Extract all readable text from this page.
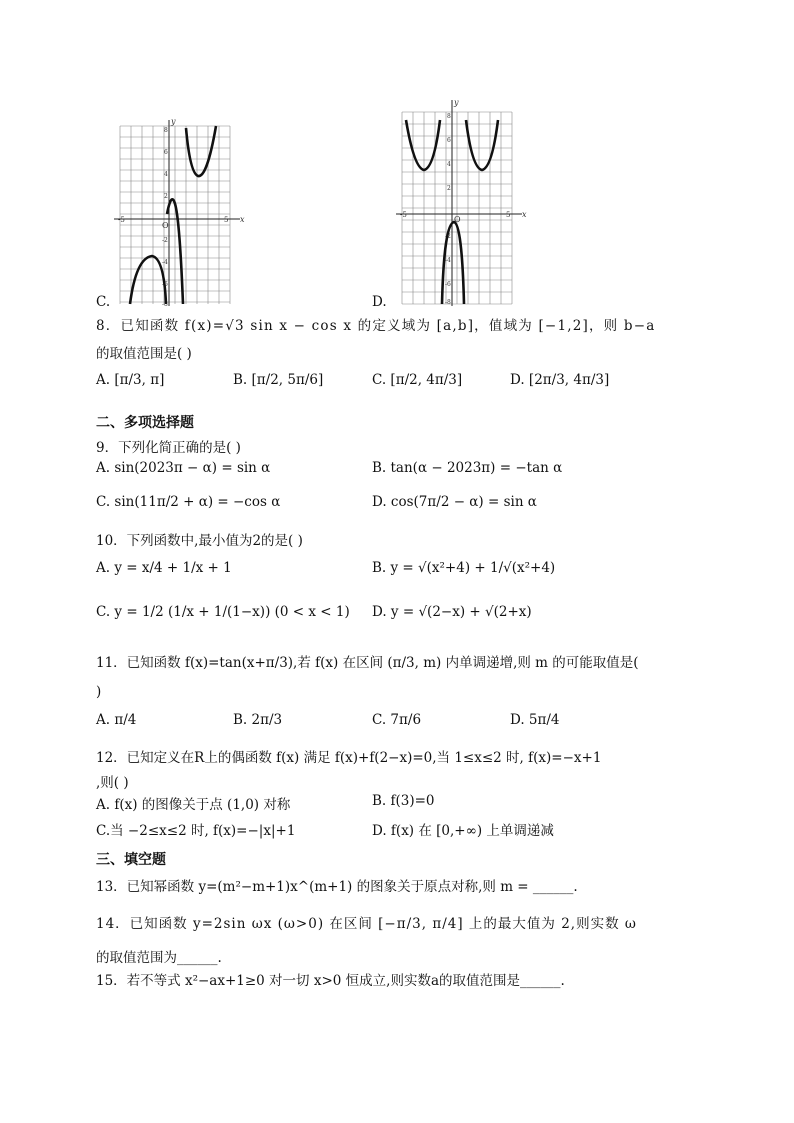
x
y
O
-5	5
8
6
4
2
-2
-4
-6
-8
C.
x
y
O
-5	5
8
6
4
2
-2
-4
-6
-8
D.
8．已知函数 f(x)=√3 sin x − cos x 的定义域为 [a,b]，值域为 [−1,2]，则 b−a
的取值范围是( )
A. [π/3, π]	B. [π/2, 5π/6]	C. [π/2, 4π/3]	D. [2π/3, 4π/3]
二、多项选择题
9．下列化简正确的是( )
A. sin(2023π − α) = sin α	B. tan(α − 2023π) = −tan α
C. sin(11π/2 + α) = −cos α	D. cos(7π/2 − α) = sin α
10．下列函数中,最小值为2的是( )
A. y = x/4 + 1/x + 1	B. y = √(x²+4) + 1/√(x²+4)
C. y = 1/2 (1/x + 1/(1−x)) (0 < x < 1) D. y = √(2−x) + √(2+x)
11．已知函数 f(x)=tan(x+π/3),若 f(x) 在区间 (π/3, m) 内单调递增,则 m 的可能取值是(
)
A. π/4	B. 2π/3	C. 7π/6	D. 5π/4
12．已知定义在R上的偶函数 f(x) 满足 f(x)+f(2−x)=0,当 1≤x≤2 时, f(x)=−x+1
,则( )
A. f(x) 的图像关于点 (1,0) 对称	B. f(3)=0
C.当 −2≤x≤2 时, f(x)=−|x|+1	D. f(x) 在 [0,+∞) 上单调递减
三、填空题
13．已知幂函数 y=(m²−m+1)x^(m+1) 的图象关于原点对称,则 m = ______.
14．已知函数 y=2sin ωx (ω>0) 在区间 [−π/3, π/4] 上的最大值为 2,则实数 ω
的取值范围为______.
15．若不等式 x²−ax+1≥0 对一切 x>0 恒成立,则实数a的取值范围是______.
